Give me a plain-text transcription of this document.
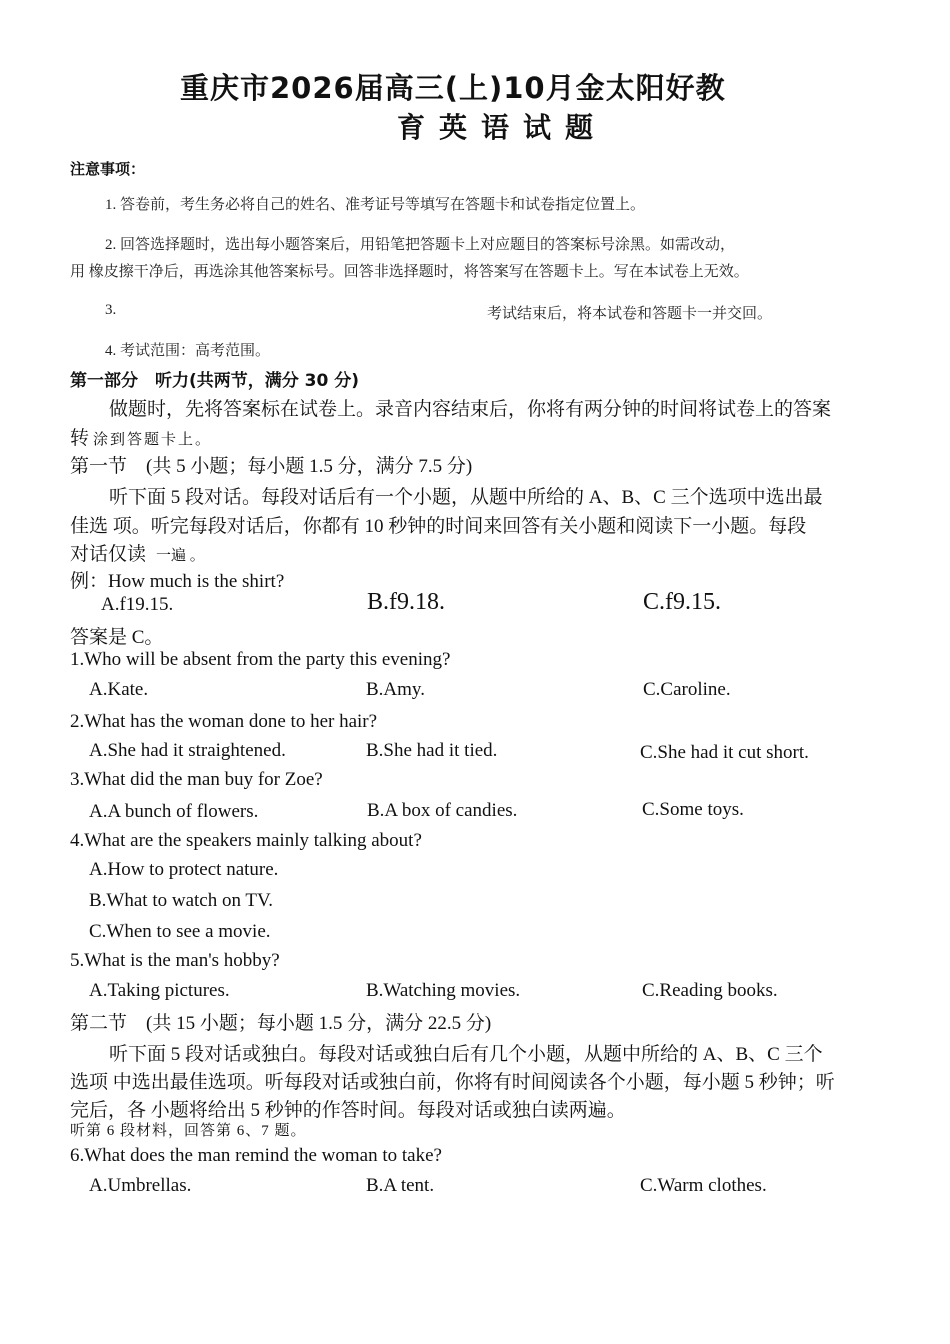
重庆市2026届高三(上)10月金太阳好教
育英语试题
注意事项：
1. 答卷前，考生务必将自己的姓名、准考证号等填写在答题卡和试卷指定位置上。
2. 回答选择题时，选出每小题答案后，用铅笔把答题卡上对应题目的答案标号涂黑。如需改动，
用 橡皮擦干净后，再选涂其他答案标号。回答非选择题时，将答案写在答题卡上。写在本试卷上无效。
3.	考试结束后，将本试卷和答题卡一并交回。
4. 考试范围：高考范围。
第一部分　听力(共两节，满分 30 分)
做题时，先将答案标在试卷上。录音内容结束后，你将有两分钟的时间将试卷上的答案
转 涂到答题卡上。
第一节　(共 5 小题；每小题 1.5 分，满分 7.5 分)
听下面 5 段对话。每段对话后有一个小题，从题中所给的 A、B、C 三个选项中选出最
佳选 项。听完每段对话后，你都有 10 秒钟的时间来回答有关小题和阅读下一小题。每段
对话仅读 一遍 。
例：How much is the shirt?
A.f19.15.	B.f9.18.	C.f9.15.
答案是 C。
1.Who will be absent from the party this evening?
A.Kate.	B.Amy.	C.Caroline.
2.What has the woman done to her hair?
A.She had it straightened.	B.She had it tied.	C.She had it cut short.
3.What did the man buy for Zoe?
A.A bunch of flowers.	B.A box of candies.	C.Some toys.
4.What are the speakers mainly talking about?
A.How to protect nature.
B.What to watch on TV.
C.When to see a movie.
5.What is the man's hobby?
A.Taking pictures.	B.Watching movies.	C.Reading books.
第二节　(共 15 小题；每小题 1.5 分，满分 22.5 分)
听下面 5 段对话或独白。每段对话或独白后有几个小题，从题中所给的 A、B、C 三个
选项 中选出最佳选项。听每段对话或独白前，你将有时间阅读各个小题，每小题 5 秒钟；听
完后，各 小题将给出 5 秒钟的作答时间。每段对话或独白读两遍。
听第 6 段材料，回答第 6、7 题。
6.What does the man remind the woman to take?
A.Umbrellas.	B.A tent.	C.Warm clothes.
